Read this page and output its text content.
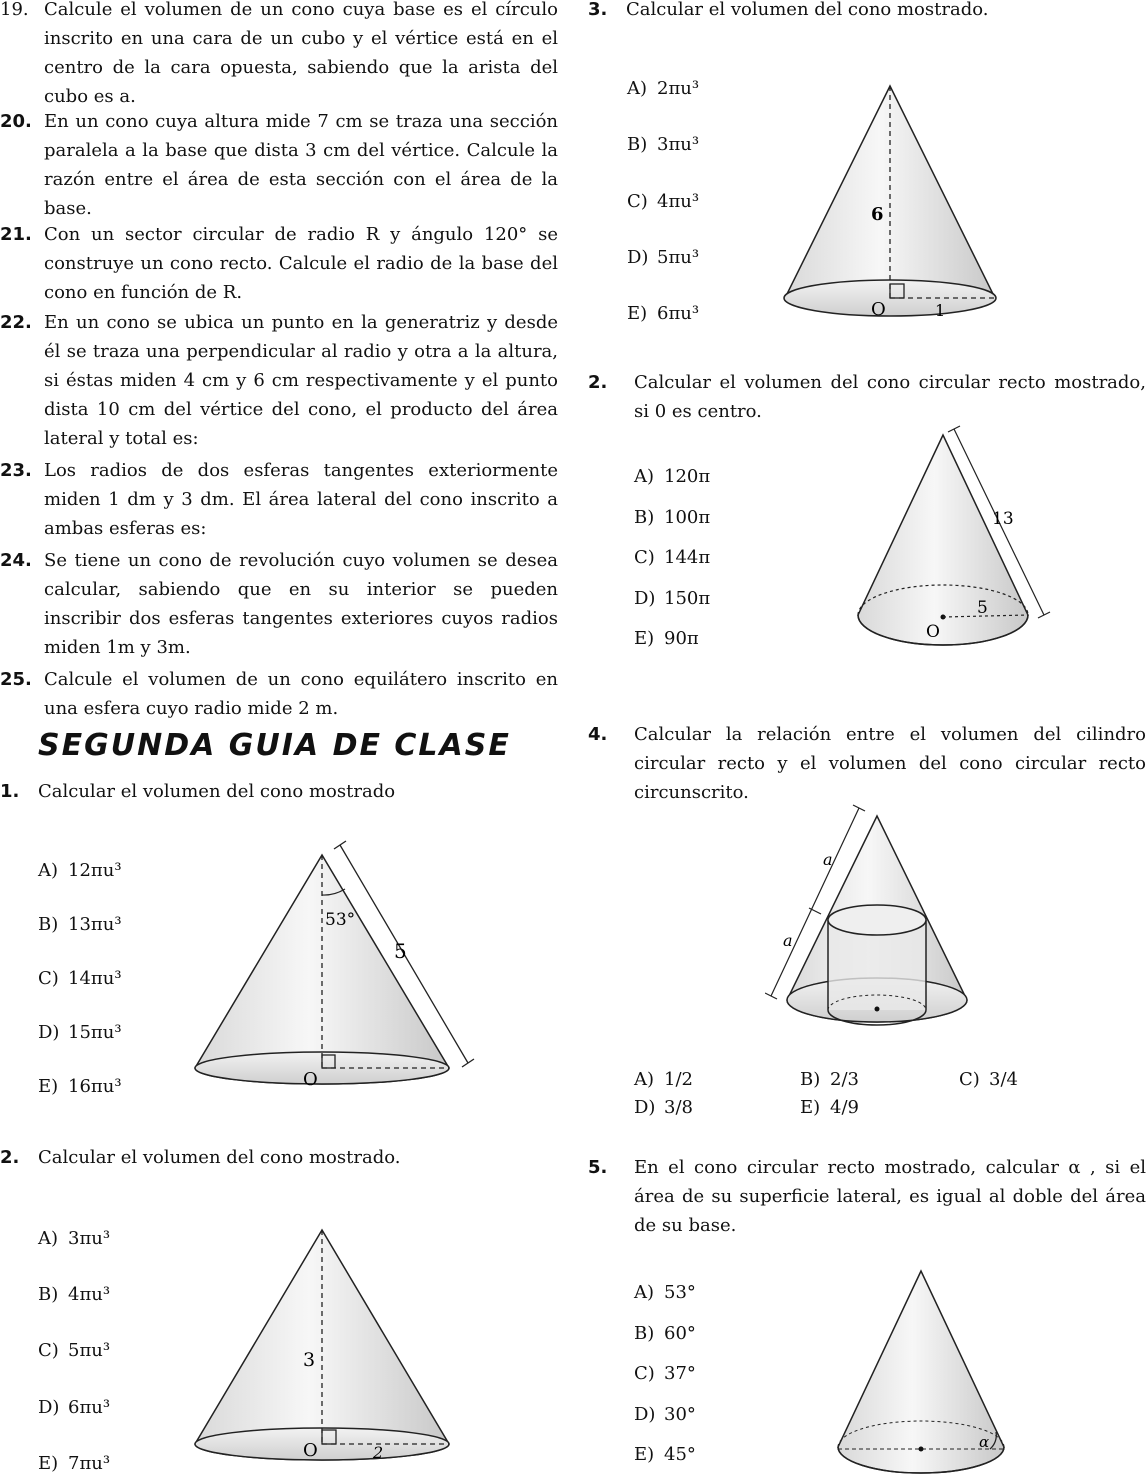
19. Calcule el volumen de un cono cuya base es el círculo inscrito en una cara de un cubo y el vértice está en el centro de la cara opuesta, sabiendo que la arista del cubo es a.
20. En un cono cuya altura mide 7 cm se traza una sección paralela a la base que dista 3 cm del vértice. Calcule la razón entre el área de esta sección con el área de la base.
21. Con un sector circular de radio R y ángulo 120° se construye un cono recto. Calcule el radio de la base del cono en función de R.
22. En un cono se ubica un punto en la generatriz y desde él se traza una perpendicular al radio y otra a la altura, si éstas miden 4 cm y 6 cm respectivamente y el punto dista 10 cm del vértice del cono, el producto del área lateral y total es:
23. Los radios de dos esferas tangentes exteriormente miden 1 dm y 3 dm. El área lateral del cono inscrito a ambas esferas es:
24. Se tiene un cono de revolución cuyo volumen se desea calcular, sabiendo que en su interior se pueden inscribir dos esferas tangentes exteriores cuyos radios miden 1m y 3m.
25. Calcule el volumen de un cono equilátero inscrito en una esfera cuyo radio mide 2 m.
SEGUNDA GUIA DE CLASE
1. Calcular el volumen del cono mostrado
A) 12πu³
B) 13πu³
C) 14πu³
D) 15πu³
E) 16πu³
53°
5
O
2. Calcular el volumen del cono mostrado.
A) 3πu³
B) 4πu³
C) 5πu³
D) 6πu³
E) 7πu³
3
2
O
3. Calcular el volumen del cono mostrado.
A) 2πu³
B) 3πu³
C) 4πu³
D) 5πu³
E) 6πu³
6
1
O
2. Calcular el volumen del cono circular recto mostrado, si 0 es centro.
A) 120π
B) 100π
C) 144π
D) 150π
E) 90π
5
O
13
4. Calcular la relación entre el volumen del cilindro circular recto y el volumen del cono circular recto circunscrito.
a
a
A) 1/2	B) 2/3	C) 3/4
D) 3/8	E) 4/9
5. En el cono circular recto mostrado, calcular α , si el área de su superficie lateral, es igual al doble del área de su base.
A) 53°
B) 60°
C) 37°
D) 30°
E) 45°
α
